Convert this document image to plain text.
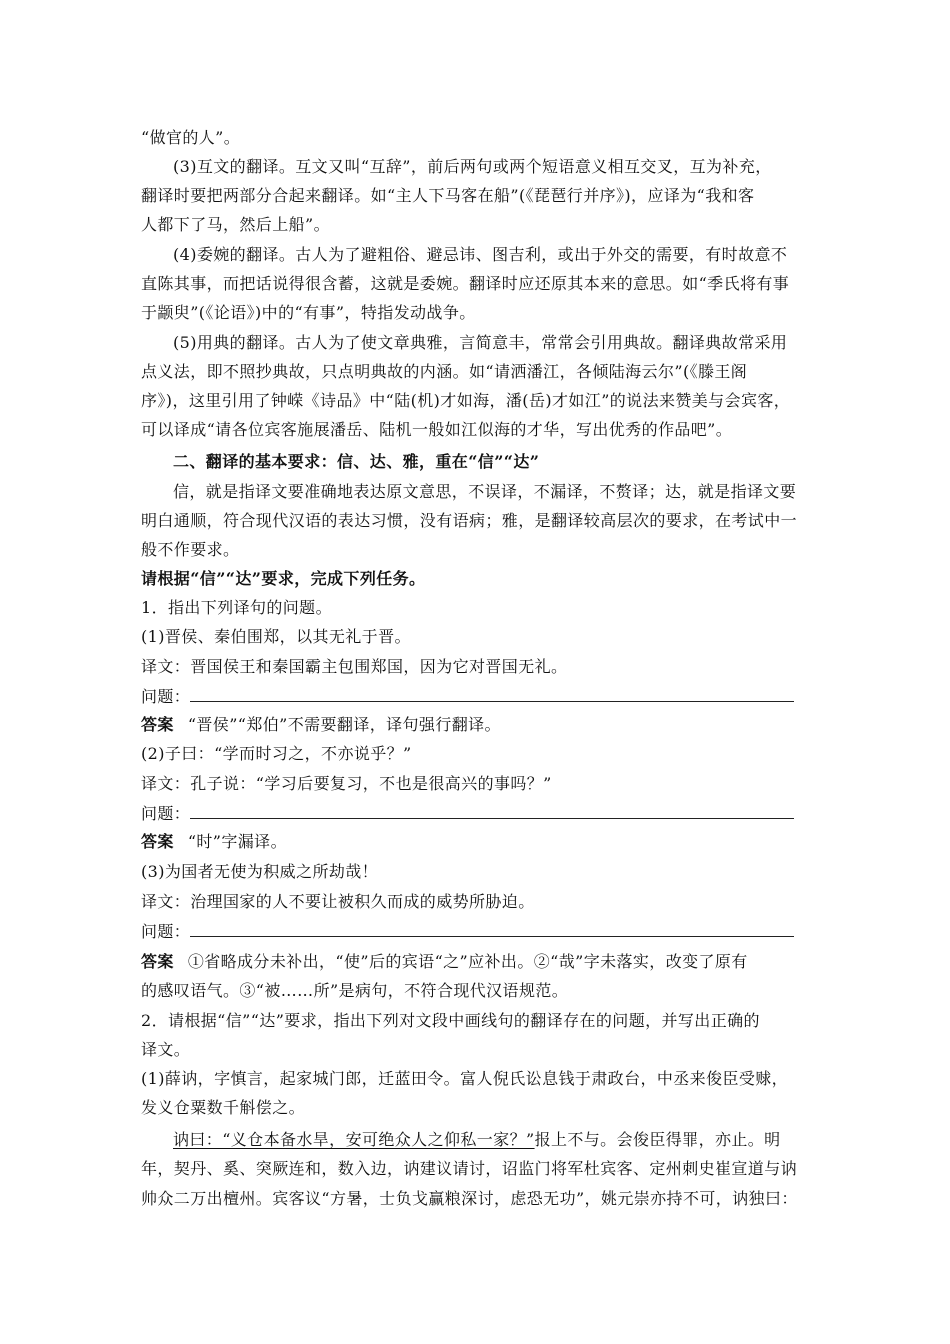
“做官的人”。
(3)互文的翻译。互文又叫“互辞”，前后两句或两个短语意义相互交叉，互为补充，
翻译时要把两部分合起来翻译。如“主人下马客在船”(《琵琶行并序》)，应译为“我和客
人都下了马，然后上船”。
(4)委婉的翻译。古人为了避粗俗、避忌讳、图吉利，或出于外交的需要，有时故意不
直陈其事，而把话说得很含蓄，这就是委婉。翻译时应还原其本来的意思。如“季氏将有事
于颛臾”(《论语》)中的“有事”，特指发动战争。
(5)用典的翻译。古人为了使文章典雅，言简意丰，常常会引用典故。翻译典故常采用
点义法，即不照抄典故，只点明典故的内涵。如“请洒潘江，各倾陆海云尔”(《滕王阁
序》)，这里引用了钟嵘《诗品》中“陆(机)才如海，潘(岳)才如江”的说法来赞美与会宾客，
可以译成“请各位宾客施展潘岳、陆机一般如江似海的才华，写出优秀的作品吧”。
二、翻译的基本要求：信、达、雅，重在“信”“达”
信，就是指译文要准确地表达原文意思，不误译，不漏译，不赘译；达，就是指译文要
明白通顺，符合现代汉语的表达习惯，没有语病；雅，是翻译较高层次的要求，在考试中一
般不作要求。
请根据“信”“达”要求，完成下列任务。
1．指出下列译句的问题。
(1)晋侯、秦伯围郑，以其无礼于晋。
译文：晋国侯王和秦国霸主包围郑国，因为它对晋国无礼。
问题：
答案 “晋侯”“郑伯”不需要翻译，译句强行翻译。
(2)子曰：“学而时习之，不亦说乎？”
译文：孔子说：“学习后要复习，不也是很高兴的事吗？”
问题：
答案 “时”字漏译。
(3)为国者无使为积威之所劫哉！
译文：治理国家的人不要让被积久而成的威势所胁迫。
问题：
答案 ①省略成分未补出，“使”后的宾语“之”应补出。②“哉”字未落实，改变了原有
的感叹语气。③“被……所”是病句，不符合现代汉语规范。
2．请根据“信”“达”要求，指出下列对文段中画线句的翻译存在的问题，并写出正确的
译文。
(1)薛讷，字慎言，起家城门郎，迁蓝田令。富人倪氏讼息钱于肃政台，中丞来俊臣受赇，
发义仓粟数千斛偿之。
讷曰：“义仓本备水旱，安可绝众人之仰私一家？”报上不与。会俊臣得罪，亦止。明
年，契丹、奚、突厥连和，数入边，讷建议请讨，诏监门将军杜宾客、定州刺史崔宣道与讷
帅众二万出檀州。宾客议“方暑，士负戈赢粮深讨，虑恐无功”，姚元崇亦持不可，讷独曰：
